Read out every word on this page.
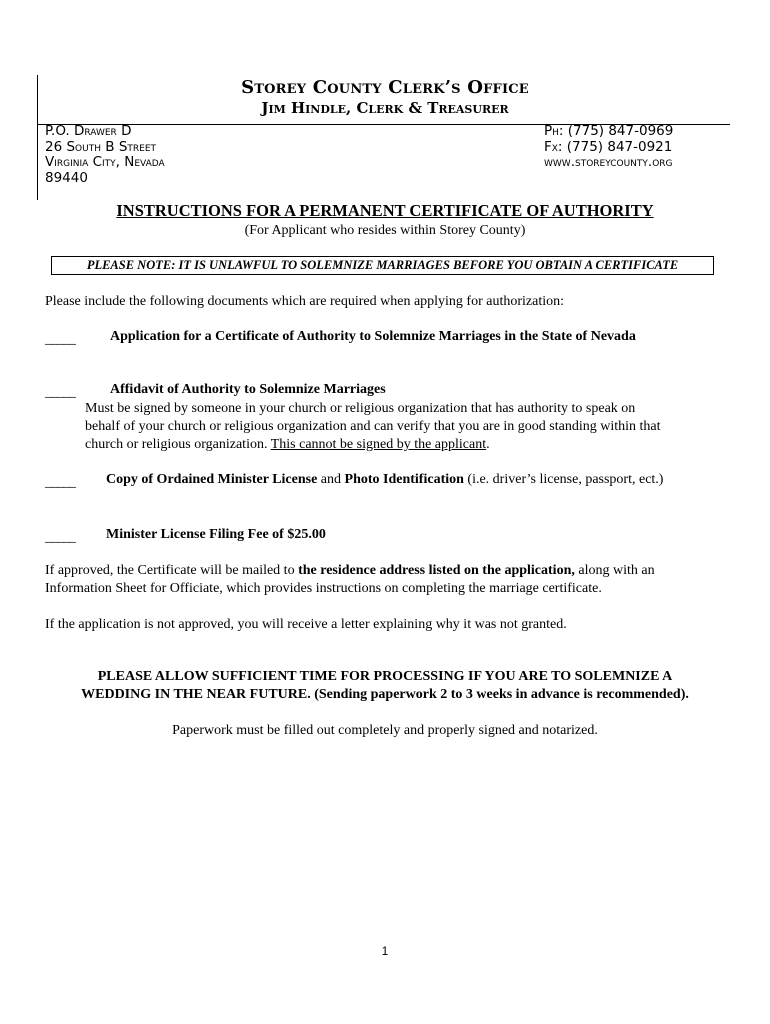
Storey County Clerk’s Office
Jim Hindle, Clerk & Treasurer
P.O. Drawer D
26 South B Street
Virginia City, Nevada
89440
Ph: (775) 847-0969
Fx: (775) 847-0921
www.storeycounty.org
INSTRUCTIONS FOR A PERMANENT CERTIFICATE OF AUTHORITY
(For Applicant who resides within Storey County)
PLEASE NOTE: IT IS UNLAWFUL TO SOLEMNIZE MARRIAGES BEFORE YOU OBTAIN A CERTIFICATE
Please include the following documents which are required when applying for authorization:
_____	Application for a Certificate of Authority to Solemnize Marriages in the State of Nevada
_____	Affidavit of Authority to Solemnize Marriages
Must be signed by someone in your church or religious organization that has authority to speak on
behalf of your church or religious organization and can verify that you are in good standing within that
church or religious organization. This cannot be signed by the applicant.
_____ Copy of Ordained Minister License and Photo Identification (i.e. driver’s license, passport, ect.)
_____ Minister License Filing Fee of $25.00
If approved, the Certificate will be mailed to the residence address listed on the application, along with an
Information Sheet for Officiate, which provides instructions on completing the marriage certificate.
If the application is not approved, you will receive a letter explaining why it was not granted.
PLEASE ALLOW SUFFICIENT TIME FOR PROCESSING IF YOU ARE TO SOLEMNIZE A
WEDDING IN THE NEAR FUTURE. (Sending paperwork 2 to 3 weeks in advance is recommended).
Paperwork must be filled out completely and properly signed and notarized.
1
